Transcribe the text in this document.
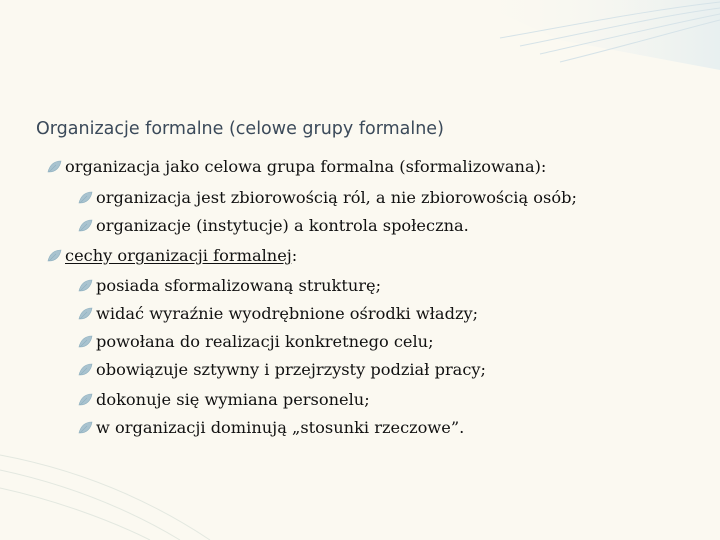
Organizacje formalne (celowe grupy formalne)
organizacja jako celowa grupa formalna (sformalizowana):
organizacja jest zbiorowością ról, a nie zbiorowością osób;
organizacje (instytucje) a kontrola społeczna.
cechy organizacji formalnej :
posiada sformalizowaną strukturę;
widać wyraźnie wyodrębnione ośrodki władzy;
powołana do realizacji konkretnego celu;
obowiązuje sztywny i przejrzysty podział pracy;
dokonuje się wymiana personelu;
w organizacji dominują „stosunki rzeczowe”.
